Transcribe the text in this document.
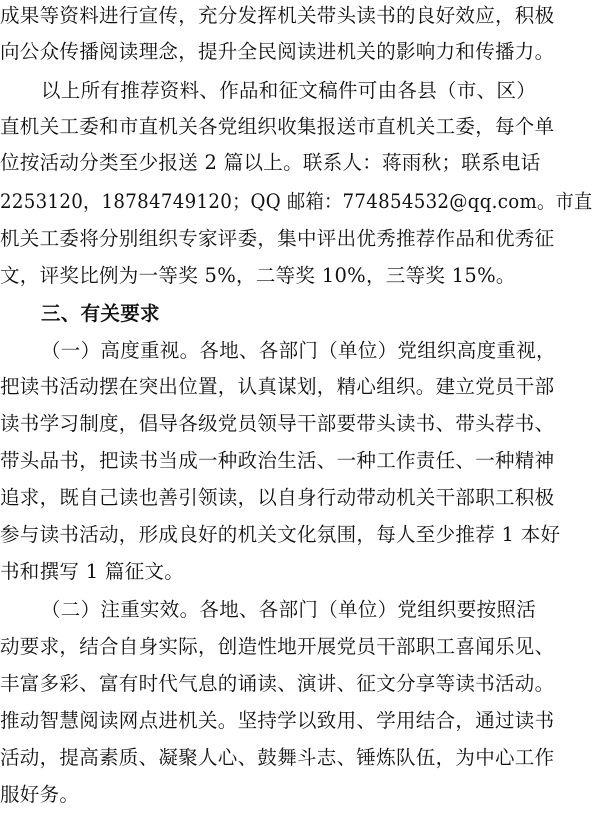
成果等资料进行宣传，充分发挥机关带头读书的良好效应，积极
向公众传播阅读理念，提升全民阅读进机关的影响力和传播力。
以上所有推荐资料、作品和征文稿件可由各县（市、区）
直机关工委和市直机关各党组织收集报送市直机关工委，每个单
位按活动分类至少报送 2 篇以上。联系人：蒋雨秋；联系电话
2253120，18784749120；QQ 邮箱：774854532@qq.com。市直
机关工委将分别组织专家评委，集中评出优秀推荐作品和优秀征
文，评奖比例为一等奖 5%，二等奖 10%，三等奖 15%。
三、有关要求
（一）高度重视。各地、各部门（单位）党组织高度重视，
把读书活动摆在突出位置，认真谋划，精心组织。建立党员干部
读书学习制度，倡导各级党员领导干部要带头读书、带头荐书、
带头品书，把读书当成一种政治生活、一种工作责任、一种精神
追求，既自己读也善引领读，以自身行动带动机关干部职工积极
参与读书活动，形成良好的机关文化氛围，每人至少推荐 1 本好
书和撰写 1 篇征文。
（二）注重实效。各地、各部门（单位）党组织要按照活
动要求，结合自身实际，创造性地开展党员干部职工喜闻乐见、
丰富多彩、富有时代气息的诵读、演讲、征文分享等读书活动。
推动智慧阅读网点进机关。坚持学以致用、学用结合，通过读书
活动，提高素质、凝聚人心、鼓舞斗志、锤炼队伍，为中心工作
服好务。
